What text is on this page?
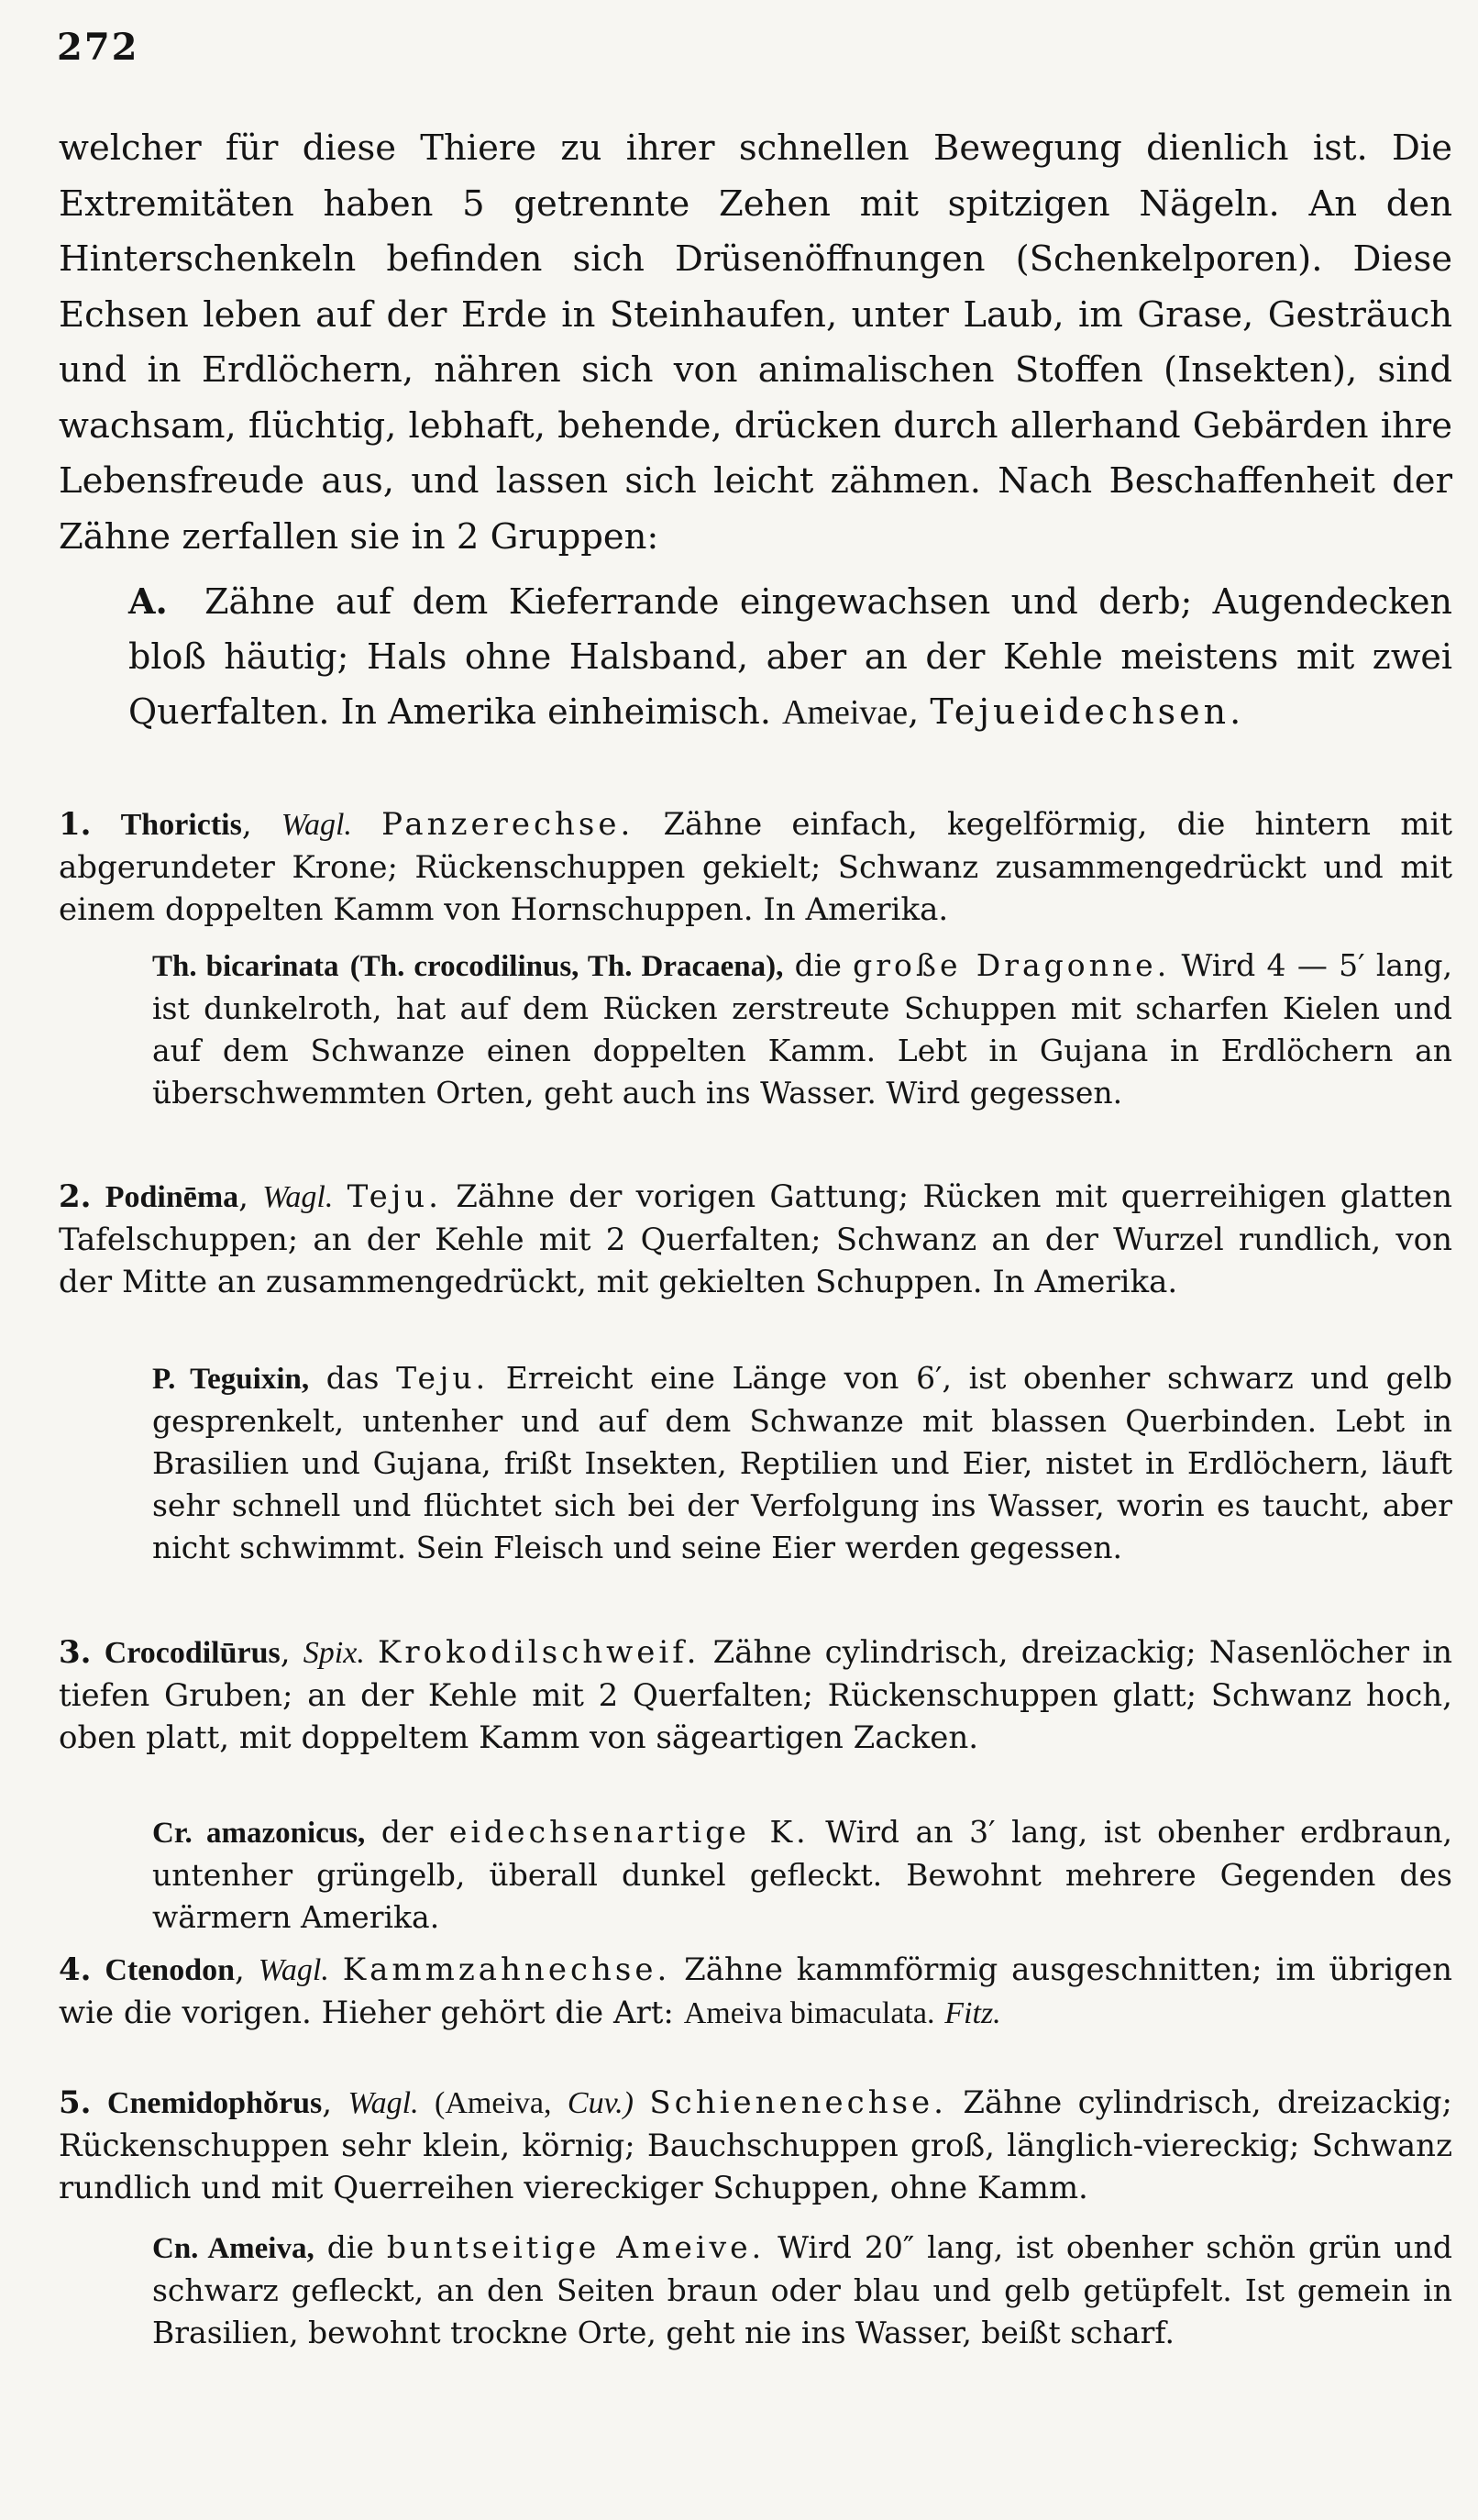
272

welcher für diese Thiere zu ihrer schnellen Bewegung dienlich ist. Die Extremitäten haben 5 getrennte Zehen mit spitzigen Nägeln. An den Hinterschenkeln befinden sich Drüsenöffnungen (Schenkelporen). Diese Echsen leben auf der Erde in Steinhaufen, unter Laub, im Grase, Gesträuch und in Erdlöchern, nähren sich von animalischen Stoffen (Insekten), sind wachsam, flüchtig, lebhaft, behende, drücken durch allerhand Gebärden ihre Lebensfreude aus, und lassen sich leicht zähmen. Nach Beschaffenheit der Zähne zerfallen sie in 2 Gruppen:

A. Zähne auf dem Kieferrande eingewachsen und derb; Augendecken bloß häutig; Hals ohne Halsband, aber an der Kehle meistens mit zwei Querfalten. In Amerika einheimisch. Ameivae, Tejueidechsen.

1. Thorictis, Wagl. Panzerechse. Zähne einfach, kegelförmig, die hintern mit abgerundeter Krone; Rückenschuppen gekielt; Schwanz zusammengedrückt und mit einem doppelten Kamm von Hornschuppen. In Amerika.

Th. bicarinata (Th. crocodilinus, Th. Dracaena), die große Dragonne. Wird 4 — 5′ lang, ist dunkelroth, hat auf dem Rücken zerstreute Schuppen mit scharfen Kielen und auf dem Schwanze einen doppelten Kamm. Lebt in Gujana in Erdlöchern an überschwemmten Orten, geht auch ins Wasser. Wird gegessen.

2. Podinēma, Wagl. Teju. Zähne der vorigen Gattung; Rücken mit querreihigen glatten Tafelschuppen; an der Kehle mit 2 Querfalten; Schwanz an der Wurzel rundlich, von der Mitte an zusammengedrückt, mit gekielten Schuppen. In Amerika.

P. Teguixin, das Teju. Erreicht eine Länge von 6′, ist obenher schwarz und gelb gesprenkelt, untenher und auf dem Schwanze mit blassen Querbinden. Lebt in Brasilien und Gujana, frißt Insekten, Reptilien und Eier, nistet in Erdlöchern, läuft sehr schnell und flüchtet sich bei der Verfolgung ins Wasser, worin es taucht, aber nicht schwimmt. Sein Fleisch und seine Eier werden gegessen.

3. Crocodilūrus, Spix. Krokodilschweif. Zähne cylindrisch, dreizackig; Nasenlöcher in tiefen Gruben; an der Kehle mit 2 Querfalten; Rückenschuppen glatt; Schwanz hoch, oben platt, mit doppeltem Kamm von sägeartigen Zacken.

Cr. amazonicus, der eidechsenartige K. Wird an 3′ lang, ist obenher erdbraun, untenher grüngelb, überall dunkel gefleckt. Bewohnt mehrere Gegenden des wärmern Amerika.

4. Ctenodon, Wagl. Kammzahnechse. Zähne kammförmig ausgeschnitten; im übrigen wie die vorigen. Hieher gehört die Art: Ameiva bimaculata. Fitz.

5. Cnemidophŏrus, Wagl. (Ameiva, Cuv.) Schienenechse. Zähne cylindrisch, dreizackig; Rückenschuppen sehr klein, körnig; Bauchschuppen groß, länglich-viereckig; Schwanz rundlich und mit Querreihen viereckiger Schuppen, ohne Kamm.

Cn. Ameiva, die buntseitige Ameive. Wird 20″ lang, ist obenher schön grün und schwarz gefleckt, an den Seiten braun oder blau und gelb getüpfelt. Ist gemein in Brasilien, bewohnt trockne Orte, geht nie ins Wasser, beißt scharf.
